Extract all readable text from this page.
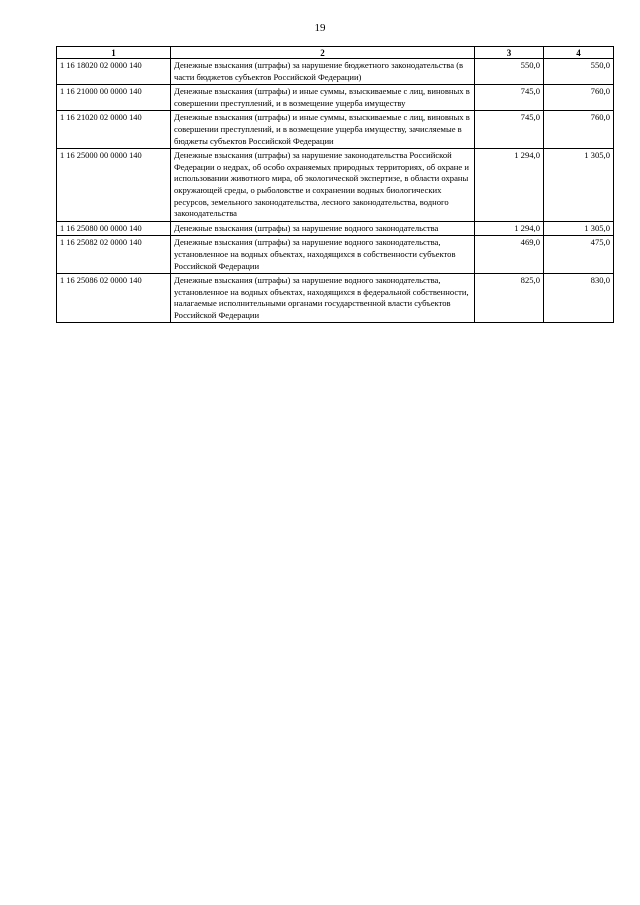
19
1	2	3	4
1 16 18020 02 0000 140	Денежные взыскания (штрафы) за нарушение бюджетного законодательства (в части бюджетов субъектов Российской Федерации)	550,0	550,0
1 16 21000 00 0000 140	Денежные взыскания (штрафы) и иные суммы, взыскиваемые с лиц, виновных в совершении преступлений, и в возмещение ущерба имуществу	745,0	760,0
1 16 21020 02 0000 140	Денежные взыскания (штрафы) и иные суммы, взыскиваемые с лиц, виновных в совершении преступлений, и в возмещение ущерба имуществу, зачисляемые в бюджеты субъектов Российской Федерации	745,0	760,0
1 16 25000 00 0000 140	Денежные взыскания (штрафы) за нарушение законодательства Российской Федерации о недрах, об особо охраняемых природных территориях, об охране и использовании животного мира, об экологической экспертизе, в области охраны окружающей среды, о рыболовстве и сохранении водных биологических ресурсов, земельного законодательства, лесного законодательства, водного законодательства	1 294,0	1 305,0
1 16 25080 00 0000 140	Денежные взыскания (штрафы) за нарушение водного законодательства	1 294,0	1 305,0
1 16 25082 02 0000 140	Денежные взыскания (штрафы) за нарушение водного законодательства, установленное на водных объектах, находящихся в собственности субъектов Российской Федерации	469,0	475,0
1 16 25086 02 0000 140	Денежные взыскания (штрафы) за нарушение водного законодательства, установленное на водных объектах, находящихся в федеральной собственности, налагаемые исполнительными органами государственной власти субъектов Российской Федерации	825,0	830,0
